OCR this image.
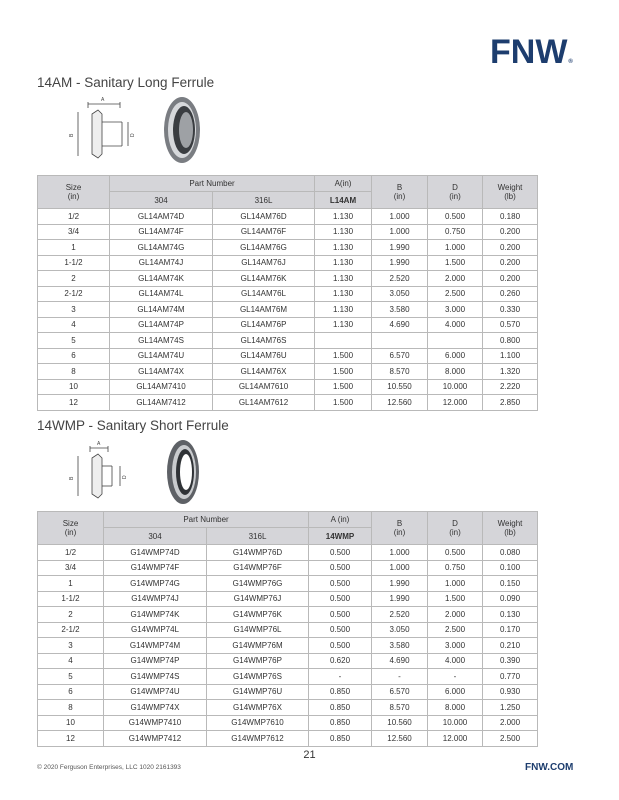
FNW®
14AM - Sanitary Long Ferrule
A
B	D
Size
(in)	Part Number		A(in)	B
(in)	D
(in)	Weight
(lb)
	304	316L	L14AM			
1/2	GL14AM74D	GL14AM76D	1.130	1.000	0.500	0.180
3/4	GL14AM74F	GL14AM76F	1.130	1.000	0.750	0.200
1	GL14AM74G	GL14AM76G	1.130	1.990	1.000	0.200
1-1/2	GL14AM74J	GL14AM76J	1.130	1.990	1.500	0.200
2	GL14AM74K	GL14AM76K	1.130	2.520	2.000	0.200
2-1/2	GL14AM74L	GL14AM76L	1.130	3.050	2.500	0.260
3	GL14AM74M	GL14AM76M	1.130	3.580	3.000	0.330
4	GL14AM74P	GL14AM76P	1.130	4.690	4.000	0.570
5	GL14AM74S	GL14AM76S				0.800
6	GL14AM74U	GL14AM76U	1.500	6.570	6.000	1.100
8	GL14AM74X	GL14AM76X	1.500	8.570	8.000	1.320
10	GL14AM7410	GL14AM7610	1.500	10.550	10.000	2.220
12	GL14AM7412	GL14AM7612	1.500	12.560	12.000	2.850
14WMP - Sanitary Short Ferrule
A
B	D
Size
(in)	Part Number		A (in)	B
(in)	D
(in)	Weight
(lb)
	304	316L	14WMP			
1/2	G14WMP74D	G14WMP76D	0.500	1.000	0.500	0.080
3/4	G14WMP74F	G14WMP76F	0.500	1.000	0.750	0.100
1	G14WMP74G	G14WMP76G	0.500	1.990	1.000	0.150
1-1/2	G14WMP74J	G14WMP76J	0.500	1.990	1.500	0.090
2	G14WMP74K	G14WMP76K	0.500	2.520	2.000	0.130
2-1/2	G14WMP74L	G14WMP76L	0.500	3.050	2.500	0.170
3	G14WMP74M	G14WMP76M	0.500	3.580	3.000	0.210
4	G14WMP74P	G14WMP76P	0.620	4.690	4.000	0.390
5	G14WMP74S	G14WMP76S	-	-	-	0.770
6	G14WMP74U	G14WMP76U	0.850	6.570	6.000	0.930
8	G14WMP74X	G14WMP76X	0.850	8.570	8.000	1.250
10	G14WMP7410	G14WMP7610	0.850	10.560	10.000	2.000
12	G14WMP7412	G14WMP7612	0.850	12.560	12.000	2.500
21
© 2020 Ferguson Enterprises, LLC 1020 2161393	FNW.COM
